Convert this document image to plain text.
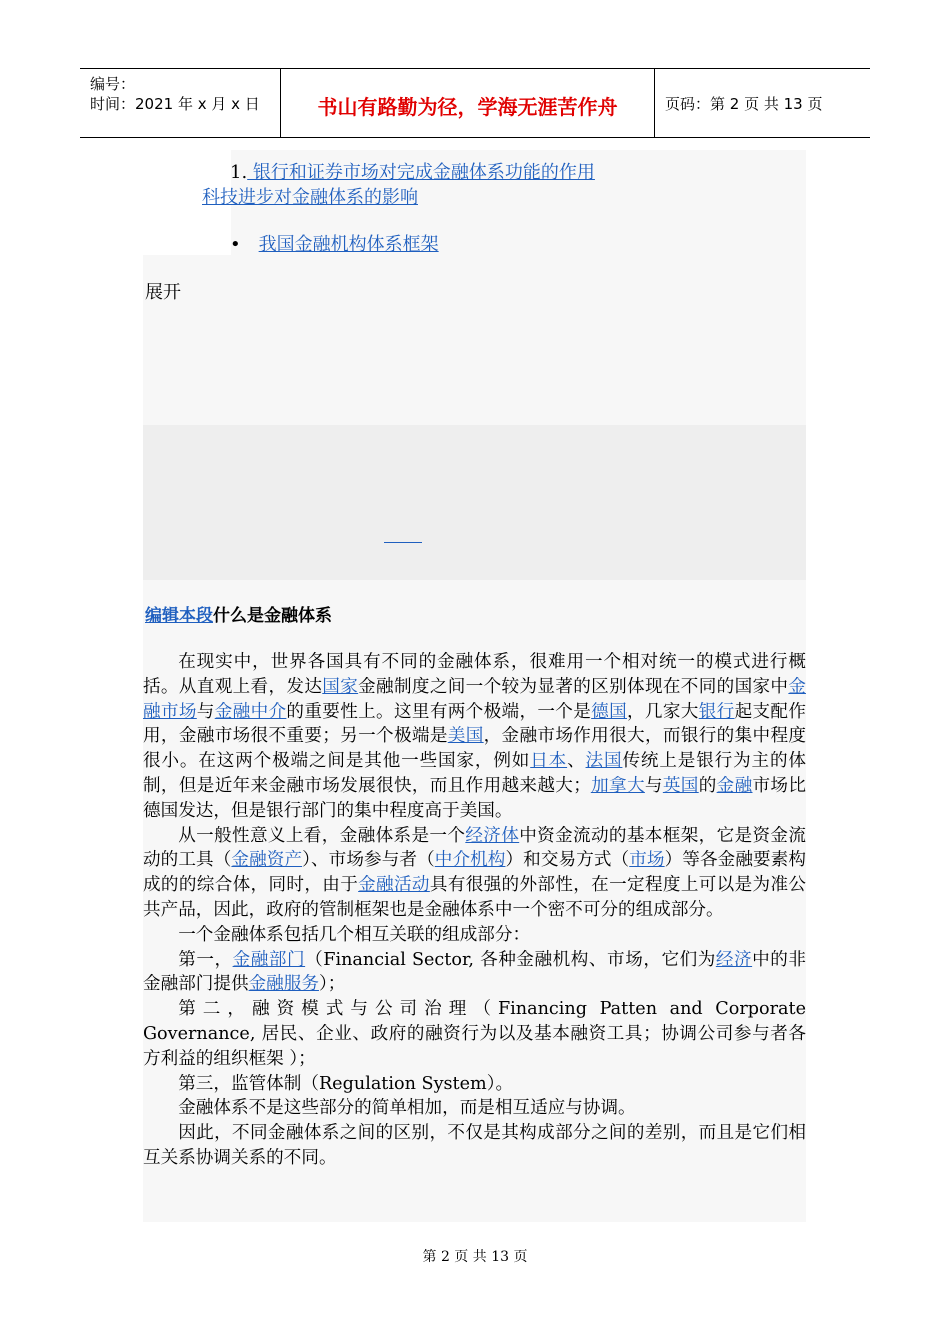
编号：
时间：2021 年 x 月 x 日	书山有路勤为径，学海无涯苦作舟	页码：第 2 页 共 13 页
1. 银行和证券市场对完成金融体系功能的作用
科技进步对金融体系的影响
• 我国金融机构体系框架
展开
编辑本段什么是金融体系

在现实中，世界各国具有不同的金融体系，很难用一个相对统一的模式进行概括。从直观上看，发达国家金融制度之间一个较为显著的区别体现在不同的国家中金融市场与金融中介的重要性上。这里有两个极端，一个是德国，几家大银行起支配作用，金融市场很不重要；另一个极端是美国，金融市场作用很大，而银行的集中程度很小。在这两个极端之间是其他一些国家，例如日本、法国传统上是银行为主的体制，但是近年来金融市场发展很快，而且作用越来越大；加拿大与英国的金融市场比德国发达，但是银行部门的集中程度高于美国。

从一般性意义上看，金融体系是一个经济体中资金流动的基本框架，它是资金流动的工具（金融资产）、市场参与者（中介机构）和交易方式（市场）等各金融要素构成的的综合体，同时，由于金融活动具有很强的外部性，在一定程度上可以是为准公共产品，因此，政府的管制框架也是金融体系中一个密不可分的组成部分。

一个金融体系包括几个相互关联的组成部分：

第一，金融部门（Financial Sector, 各种金融机构、市场，它们为经济中的非金融部门提供金融服务）；

第二，融资模式与公司治理（Financing Patten and Corporate Governance, 居民、企业、政府的融资行为以及基本融资工具；协调公司参与者各方利益的组织框架 ）；

第三，监管体制（Regulation System）。

金融体系不是这些部分的简单相加，而是相互适应与协调。

因此，不同金融体系之间的区别，不仅是其构成部分之间的差别，而且是它们相互关系协调关系的不同。

第 2 页 共 13 页
